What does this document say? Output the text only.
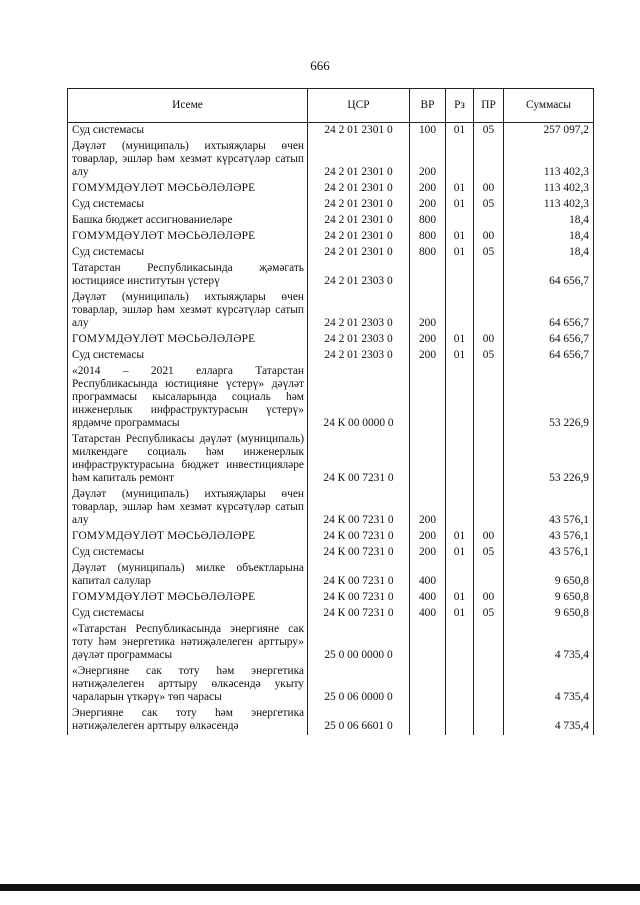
666
Исеме	ЦСР	ВР	Рз	ПР	Суммасы
Суд системасы	24 2 01 2301 0	100	01	05	257 097,2
Дәүләт (муниципаль) ихтыяҗлары өчен товарлар, эшләр һәм хезмәт күрсәтүләр сатып алу	24 2 01 2301 0	200			113 402,3
ГОМУМДӘҮЛӘТ МӘСЬӘЛӘЛӘРЕ	24 2 01 2301 0	200	01	00	113 402,3
Суд системасы	24 2 01 2301 0	200	01	05	113 402,3
Башка бюджет ассигнованиеләре	24 2 01 2301 0	800			18,4
ГОМУМДӘҮЛӘТ МӘСЬӘЛӘЛӘРЕ	24 2 01 2301 0	800	01	00	18,4
Суд системасы	24 2 01 2301 0	800	01	05	18,4
Татарстан Республикасында җәмәгать юстициясе институтын үстерү	24 2 01 2303 0				64 656,7
Дәүләт (муниципаль) ихтыяҗлары өчен товарлар, эшләр һәм хезмәт күрсәтүләр сатып алу	24 2 01 2303 0	200			64 656,7
ГОМУМДӘҮЛӘТ МӘСЬӘЛӘЛӘРЕ	24 2 01 2303 0	200	01	00	64 656,7
Суд системасы	24 2 01 2303 0	200	01	05	64 656,7
«2014 – 2021 елларга Татарстан Республикасында юстицияне үстерү» дәүләт программасы кысаларында социаль һәм инженерлык инфраструктурасын үстерү» ярдәмче программасы	24 К 00 0000 0				53 226,9
Татарстан Республикасы дәүләт (муниципаль) милкендәге социаль һәм инженерлык инфраструктурасына бюджет инвестицияләре һәм капиталь ремонт	24 К 00 7231 0				53 226,9
Дәүләт (муниципаль) ихтыяҗлары өчен товарлар, эшләр һәм хезмәт күрсәтүләр сатып алу	24 К 00 7231 0	200			43 576,1
ГОМУМДӘҮЛӘТ МӘСЬӘЛӘЛӘРЕ	24 К 00 7231 0	200	01	00	43 576,1
Суд системасы	24 К 00 7231 0	200	01	05	43 576,1
Дәүләт (муниципаль) милке объектларына капитал салулар	24 К 00 7231 0	400			9 650,8
ГОМУМДӘҮЛӘТ МӘСЬӘЛӘЛӘРЕ	24 К 00 7231 0	400	01	00	9 650,8
Суд системасы	24 К 00 7231 0	400	01	05	9 650,8
«Татарстан Республикасында энергияне сак тоту һәм энергетика нәтиҗәлелеген арттыру» дәүләт программасы	25 0 00 0000 0				4 735,4
«Энергияне сак тоту һәм энергетика нәтиҗәлелеген арттыру өлкәсендә укыту чараларын үткәрү» төп чарасы	25 0 06 0000 0				4 735,4
Энергияне сак тоту һәм энергетика нәтиҗәлелеген арттыру өлкәсендә	25 0 06 6601 0				4 735,4
